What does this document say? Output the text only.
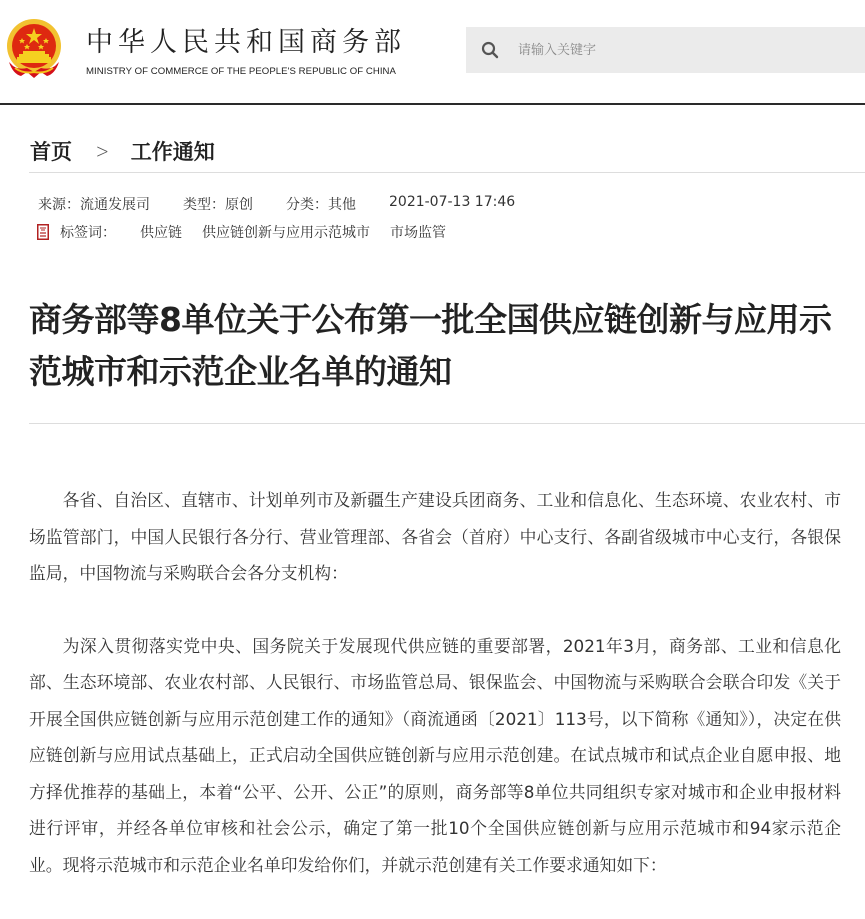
中华人民共和国商务部
MINISTRY OF COMMERCE OF THE PEOPLE'S REPUBLIC OF CHINA
请输入关键字
首页 > 工作通知
来源：流通发展司 类型：原创 分类：其他 2021-07-13 17:46
标签词： 供应链 供应链创新与应用示范城市 市场监管
商务部等8单位关于公布第一批全国供应链创新与应用示范城市和示范企业名单的通知

各省、自治区、直辖市、计划单列市及新疆生产建设兵团商务、工业和信息化、生态环境、农业农村、市场监管部门，中国人民银行各分行、营业管理部、各省会（首府）中心支行、各副省级城市中心支行，各银保监局，中国物流与采购联合会各分支机构：

为深入贯彻落实党中央、国务院关于发展现代供应链的重要部署，2021年3月，商务部、工业和信息化部、生态环境部、农业农村部、人民银行、市场监管总局、银保监会、中国物流与采购联合会联合印发《关于开展全国供应链创新与应用示范创建工作的通知》（商流通函〔2021〕113号，以下简称《通知》），决定在供应链创新与应用试点基础上，正式启动全国供应链创新与应用示范创建。在试点城市和试点企业自愿申报、地方择优推荐的基础上，本着“公平、公开、公正”的原则，商务部等8单位共同组织专家对城市和企业申报材料进行评审，并经各单位审核和社会公示，确定了第一批10个全国供应链创新与应用示范城市和94家示范企业。现将示范城市和示范企业名单印发给你们，并就示范创建有关工作要求通知如下：
